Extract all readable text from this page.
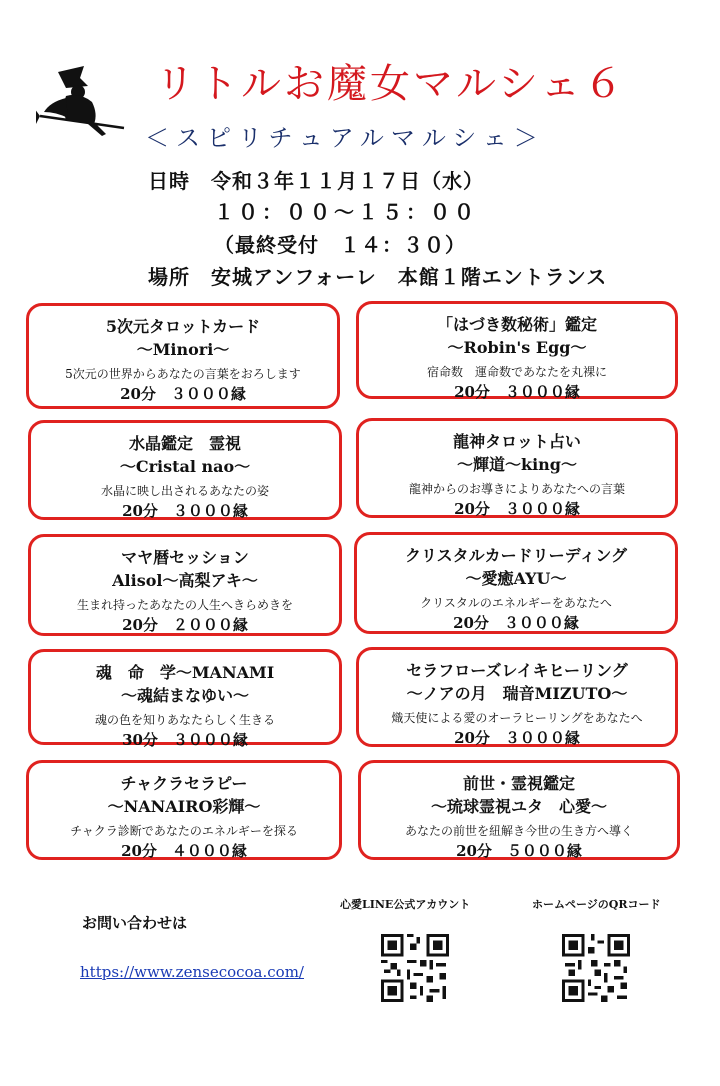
リトルお魔女マルシェ６
＜スピリチュアルマルシェ＞
日時　令和３年１１月１７日（水）
１０：００〜１５：００
（最終受付　１４：３０）
場所　安城アンフォーレ　本館１階エントランス
5次元タロットカード
〜Minori〜
5次元の世界からあなたの言葉をおろします
20分　３０００縁
「はづき数秘術」鑑定
〜Robin's Egg〜
宿命数　運命数であなたを丸裸に
20分　３０００縁
水晶鑑定　霊視
〜Cristal nao〜
水晶に映し出されるあなたの姿
20分　３０００縁
龍神タロット占い
〜輝道〜king〜
龍神からのお導きによりあなたへの言葉
20分　３０００縁
マヤ暦セッション
Alisol〜高梨アキ〜
生まれ持ったあなたの人生へきらめきを
20分　２０００縁
クリスタルカードリーディング
〜愛癒AYU〜
クリスタルのエネルギーをあなたへ
20分　３０００縁
魂　命　学〜MANAMI
〜魂結まなゆい〜
魂の色を知りあなたらしく生きる
30分　３０００縁
セラフローズレイキヒーリング
〜ノアの月　瑞音MIZUTO〜
熾天使による愛のオーラヒーリングをあなたへ
20分　３０００縁
チャクラセラピー
〜NANAIRO彩輝〜
チャクラ診断であなたのエネルギーを探る
20分　４０００縁
前世・霊視鑑定
〜琉球霊視ユタ　心愛〜
あなたの前世を紐解き今世の生き方へ導く
20分　５０００縁
お問い合わせは
https://www.zensecocoa.com/
心愛LINE公式アカウント	ホームページのQRコード
